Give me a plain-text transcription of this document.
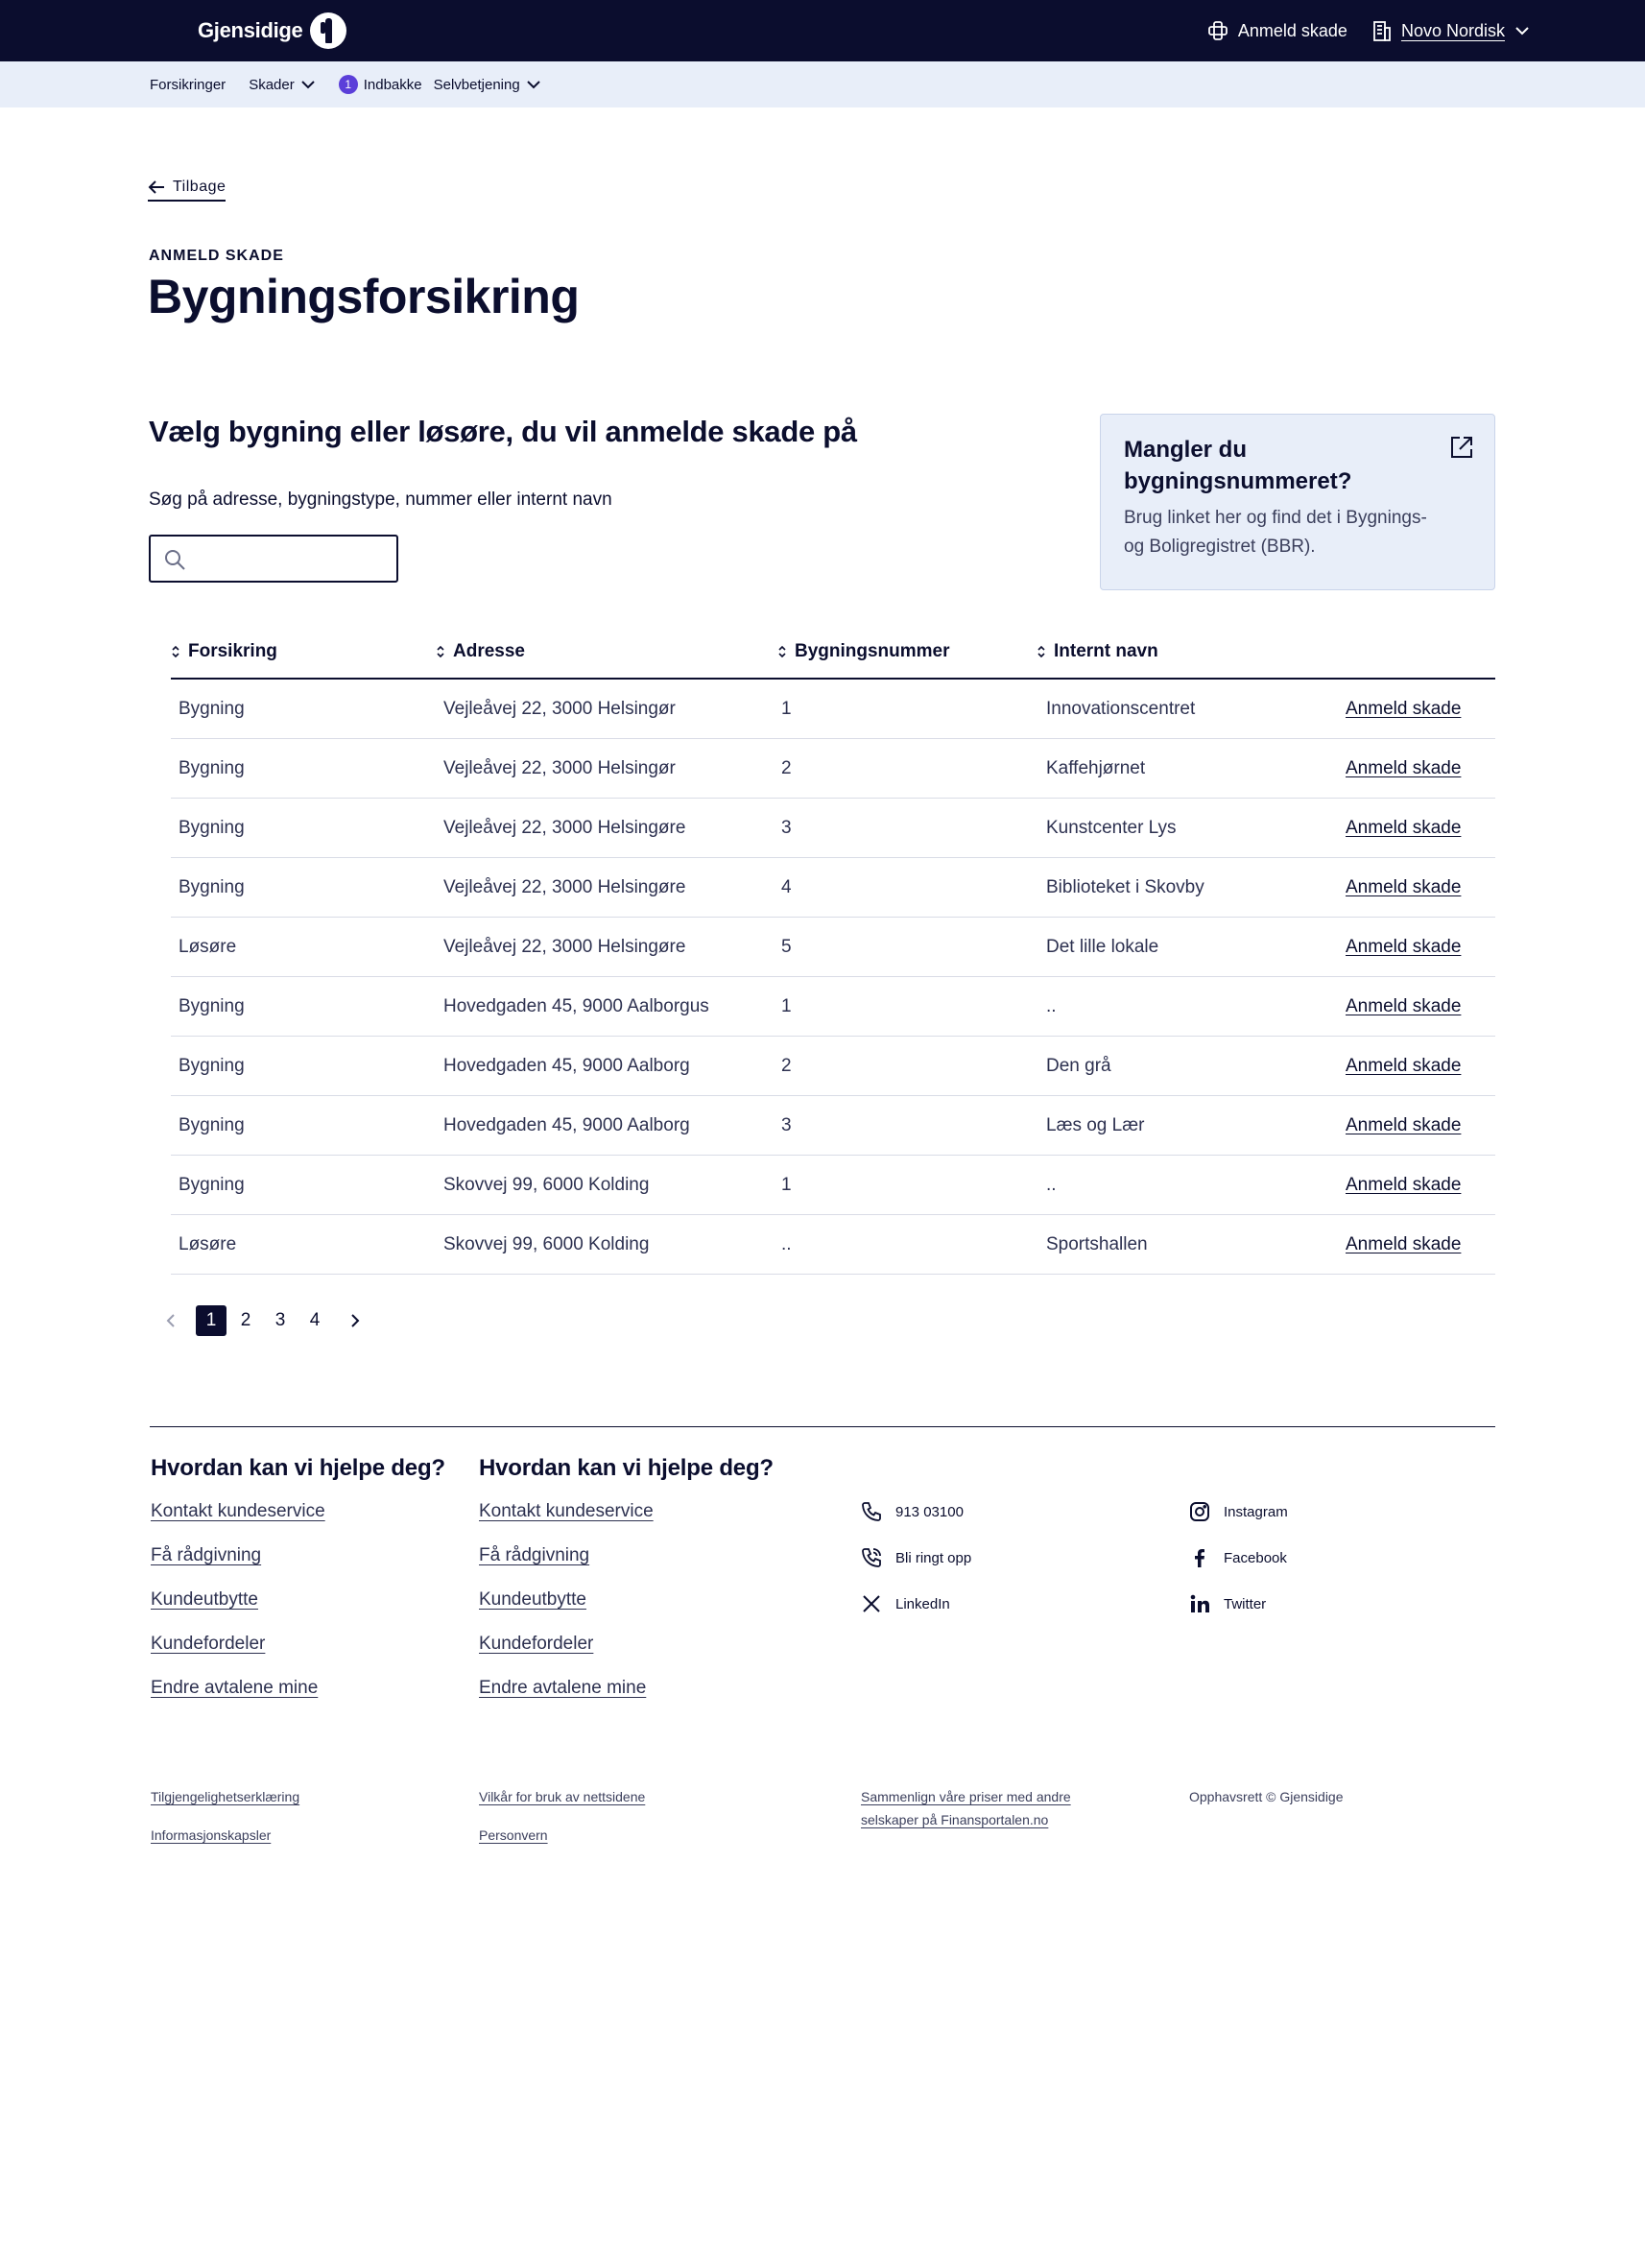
Gjensidige	Anmeld skade	Novo Nordisk
Forsikringer Skader	1 Indbakke Selvbetjening
Tilbage
ANMELD SKADE
Bygningsforsikring
Vælg bygning eller løsøre, du vil anmelde skade på
Søg på adresse, bygningstype, nummer eller internt navn
Mangler du bygningsnummeret?
Brug linket her og find det i Bygnings- og Boligregistret (BBR).
Forsikring	Adresse	Bygningsnummer	Internt navn
Bygning	Vejleåvej 22, 3000 Helsingør	1	Innovationscentret	Anmeld skade
Bygning	Vejleåvej 22, 3000 Helsingør	2	Kaffehjørnet	Anmeld skade
Bygning	Vejleåvej 22, 3000 Helsingøre	3	Kunstcenter Lys	Anmeld skade
Bygning	Vejleåvej 22, 3000 Helsingøre	4	Biblioteket i Skovby	Anmeld skade
Løsøre	Vejleåvej 22, 3000 Helsingøre	5	Det lille lokale	Anmeld skade
Bygning	Hovedgaden 45, 9000 Aalborgus	1	..	Anmeld skade
Bygning	Hovedgaden 45, 9000 Aalborg	2	Den grå	Anmeld skade
Bygning	Hovedgaden 45, 9000 Aalborg	3	Læs og Lær	Anmeld skade
Bygning	Skovvej 99, 6000 Kolding	1	..	Anmeld skade
Løsøre	Skovvej 99, 6000 Kolding	..	Sportshallen	Anmeld skade
1	2	3	4
Hvordan kan vi hjelpe deg?
Kontakt kundeservice
Få rådgivning
Kundeutbytte
Kundefordeler
Endre avtalene mine
Hvordan kan vi hjelpe deg?
Kontakt kundeservice
Få rådgivning
Kundeutbytte
Kundefordeler
Endre avtalene mine
913 03100
Bli ringt opp
LinkedIn
Instagram
Facebook
Twitter
Tilgjengelighetserklæring
Informasjonskapsler
Vilkår for bruk av nettsidene
Personvern
Sammenlign våre priser med andre selskaper på Finansportalen.no
Opphavsrett © Gjensidige
